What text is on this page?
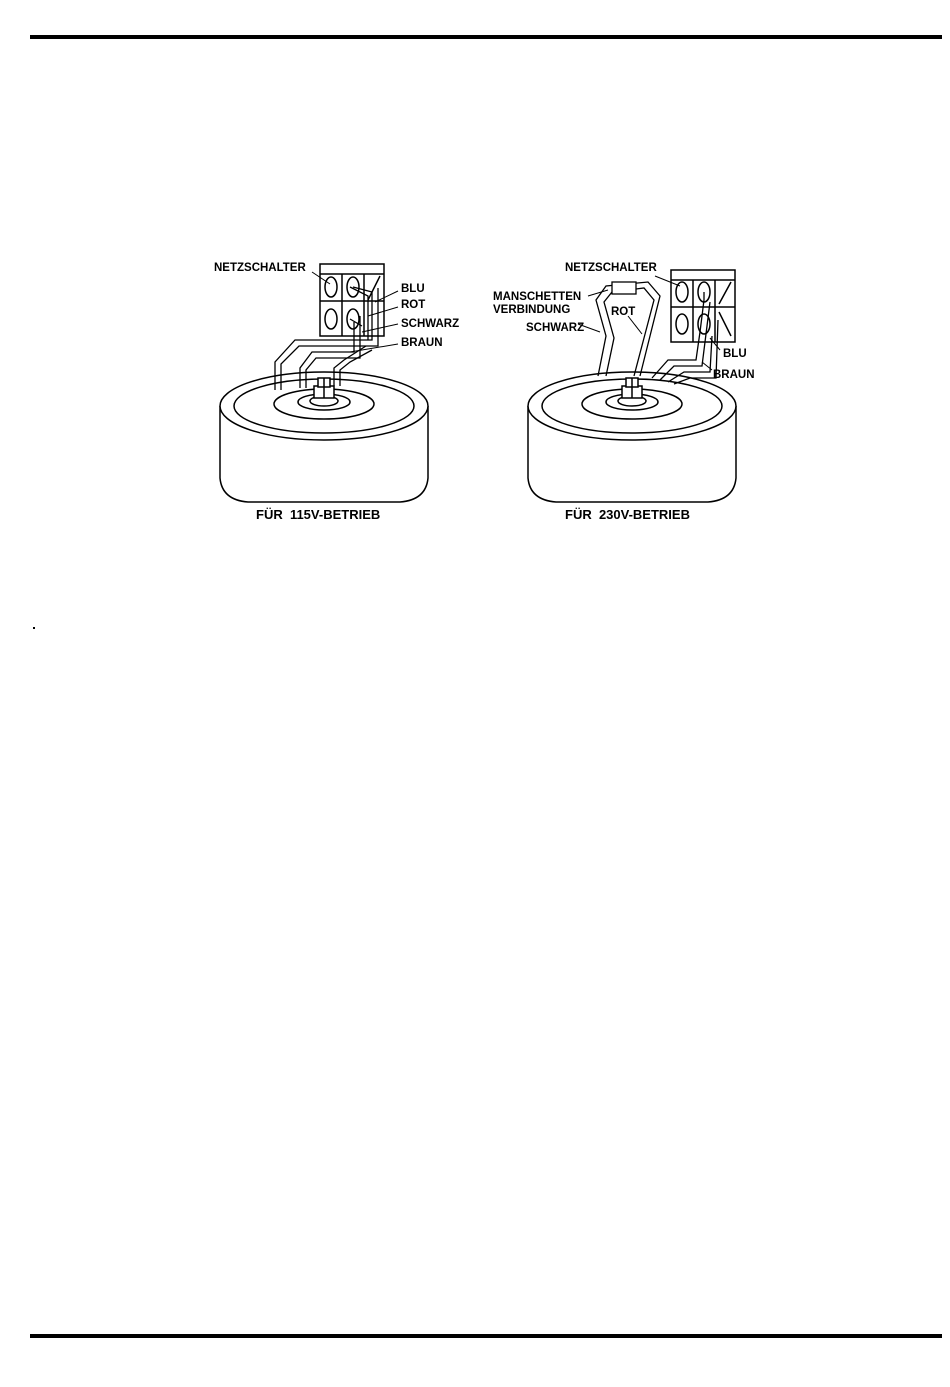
NETZSCHALTER
BLU
ROT
SCHWARZ
BRAUN
FÜR  115V-BETRIEB
NETZSCHALTER
MANSCHETTEN
VERBINDUNG	ROT
SCHWARZ
BLU
BRAUN
FÜR  230V-BETRIEB
